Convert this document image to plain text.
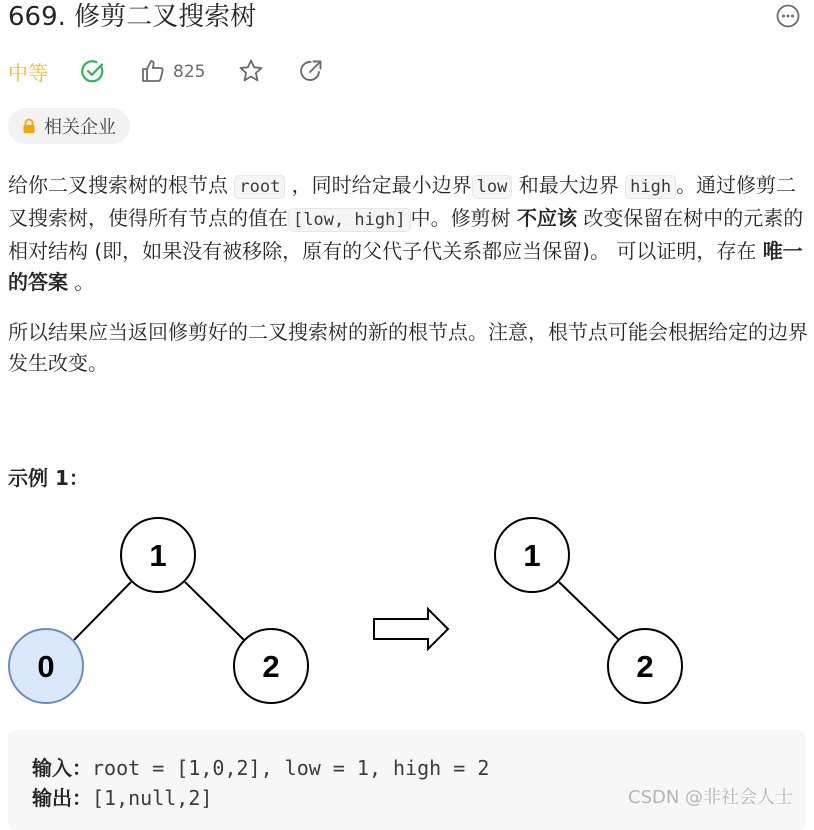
669. 修剪二叉搜索树
中等	825
相关企业

给你二叉搜索树的根节点 root ，同时给定最小边界 low 和最大边界 high 。通过修剪二叉搜索树，使得所有节点的值在 [low, high] 中。修剪树 不应该 改变保留在树中的元素的相对结构 (即，如果没有被移除，原有的父代子代关系都应当保留)。 可以证明，存在 唯一的答案 。

所以结果应当返回修剪好的二叉搜索树的新的根节点。注意，根节点可能会根据给定的边界发生改变。

示例 1：
1
0	2
1
2
输入：root = [1,0,2], low = 1, high = 2
输出：[1,null,2]	CSDN @非社会人士
